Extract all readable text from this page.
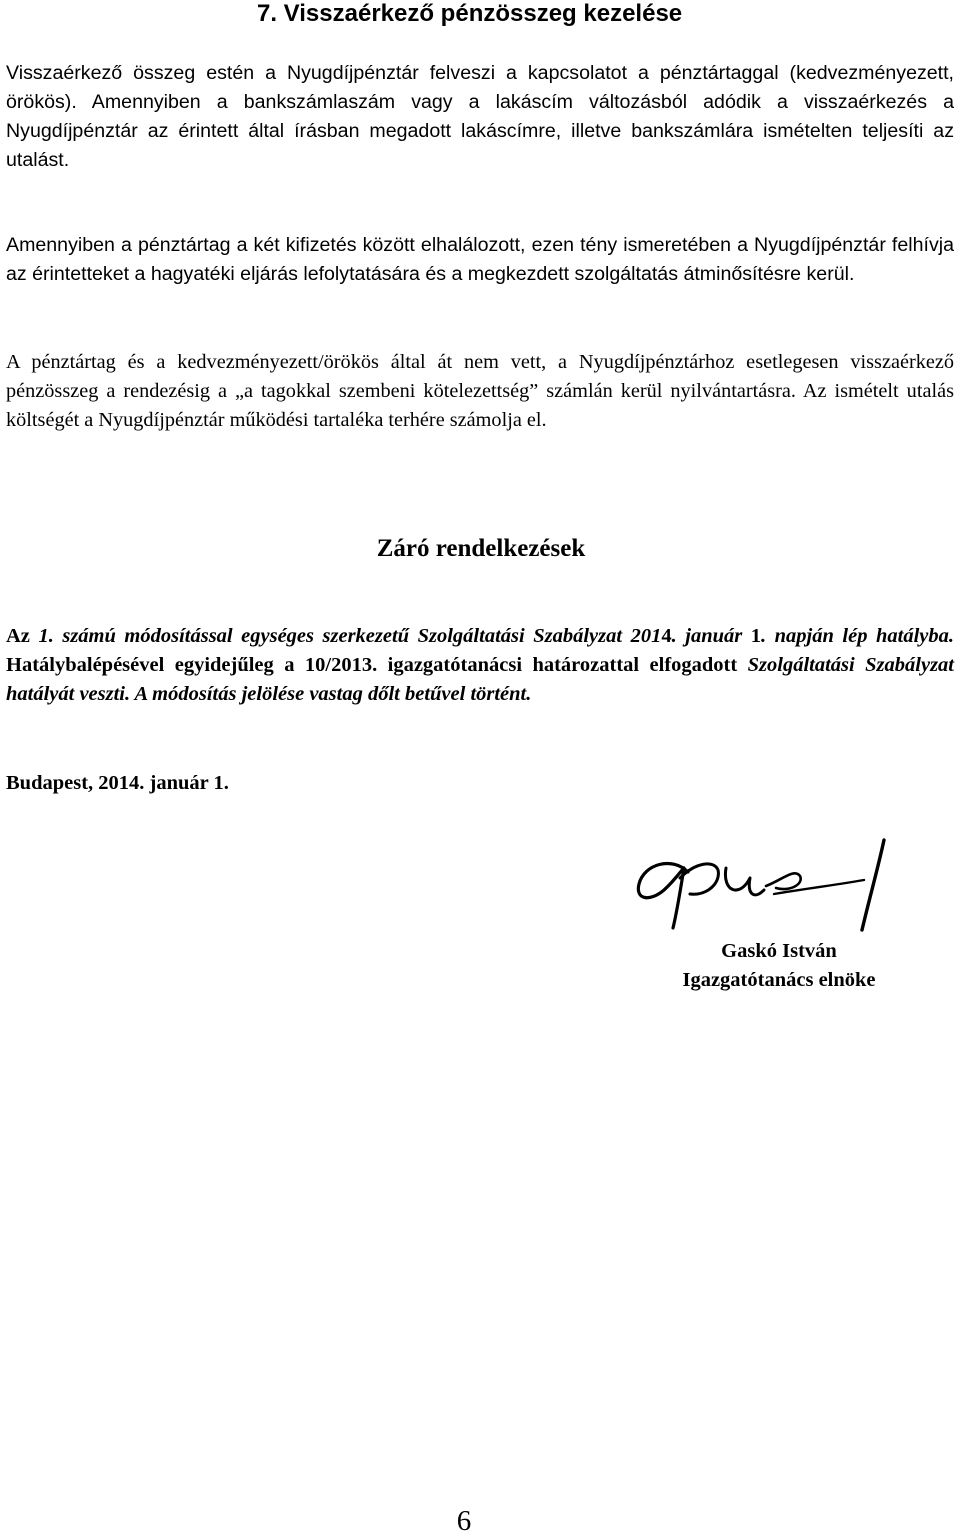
7. Visszaérkező pénzösszeg kezelése

Visszaérkező összeg estén a Nyugdíjpénztár felveszi a kapcsolatot a pénztártaggal (kedvezményezett, örökös). Amennyiben a bankszámlaszám vagy a lakáscím változásból adódik a visszaérkezés a Nyugdíjpénztár az érintett által írásban megadott lakáscímre, illetve bankszámlára ismételten teljesíti az utalást.

Amennyiben a pénztártag a két kifizetés között elhalálozott, ezen tény ismeretében a Nyugdíjpénztár felhívja az érintetteket a hagyatéki eljárás lefolytatására és a megkezdett szolgáltatás átminősítésre kerül.

A pénztártag és a kedvezményezett/örökös által át nem vett, a Nyugdíjpénztárhoz esetlegesen visszaérkező pénzösszeg a rendezésig a „a tagokkal szembeni kötelezettség” számlán kerül nyilvántartásra. Az ismételt utalás költségét a Nyugdíjpénztár működési tartaléka terhére számolja el.

Záró rendelkezések

Az 1. számú módosítással egységes szerkezetű Szolgáltatási Szabályzat 2014. január 1. napján lép hatályba. Hatálybalépésével egyidejűleg a 10/2013. igazgatótanácsi határozattal elfogadott Szolgáltatási Szabályzat hatályát veszti. A módosítás jelölése vastag dőlt betűvel történt.

Budapest, 2014. január 1.

Gaskó István

Igazgatótanács elnöke

6
